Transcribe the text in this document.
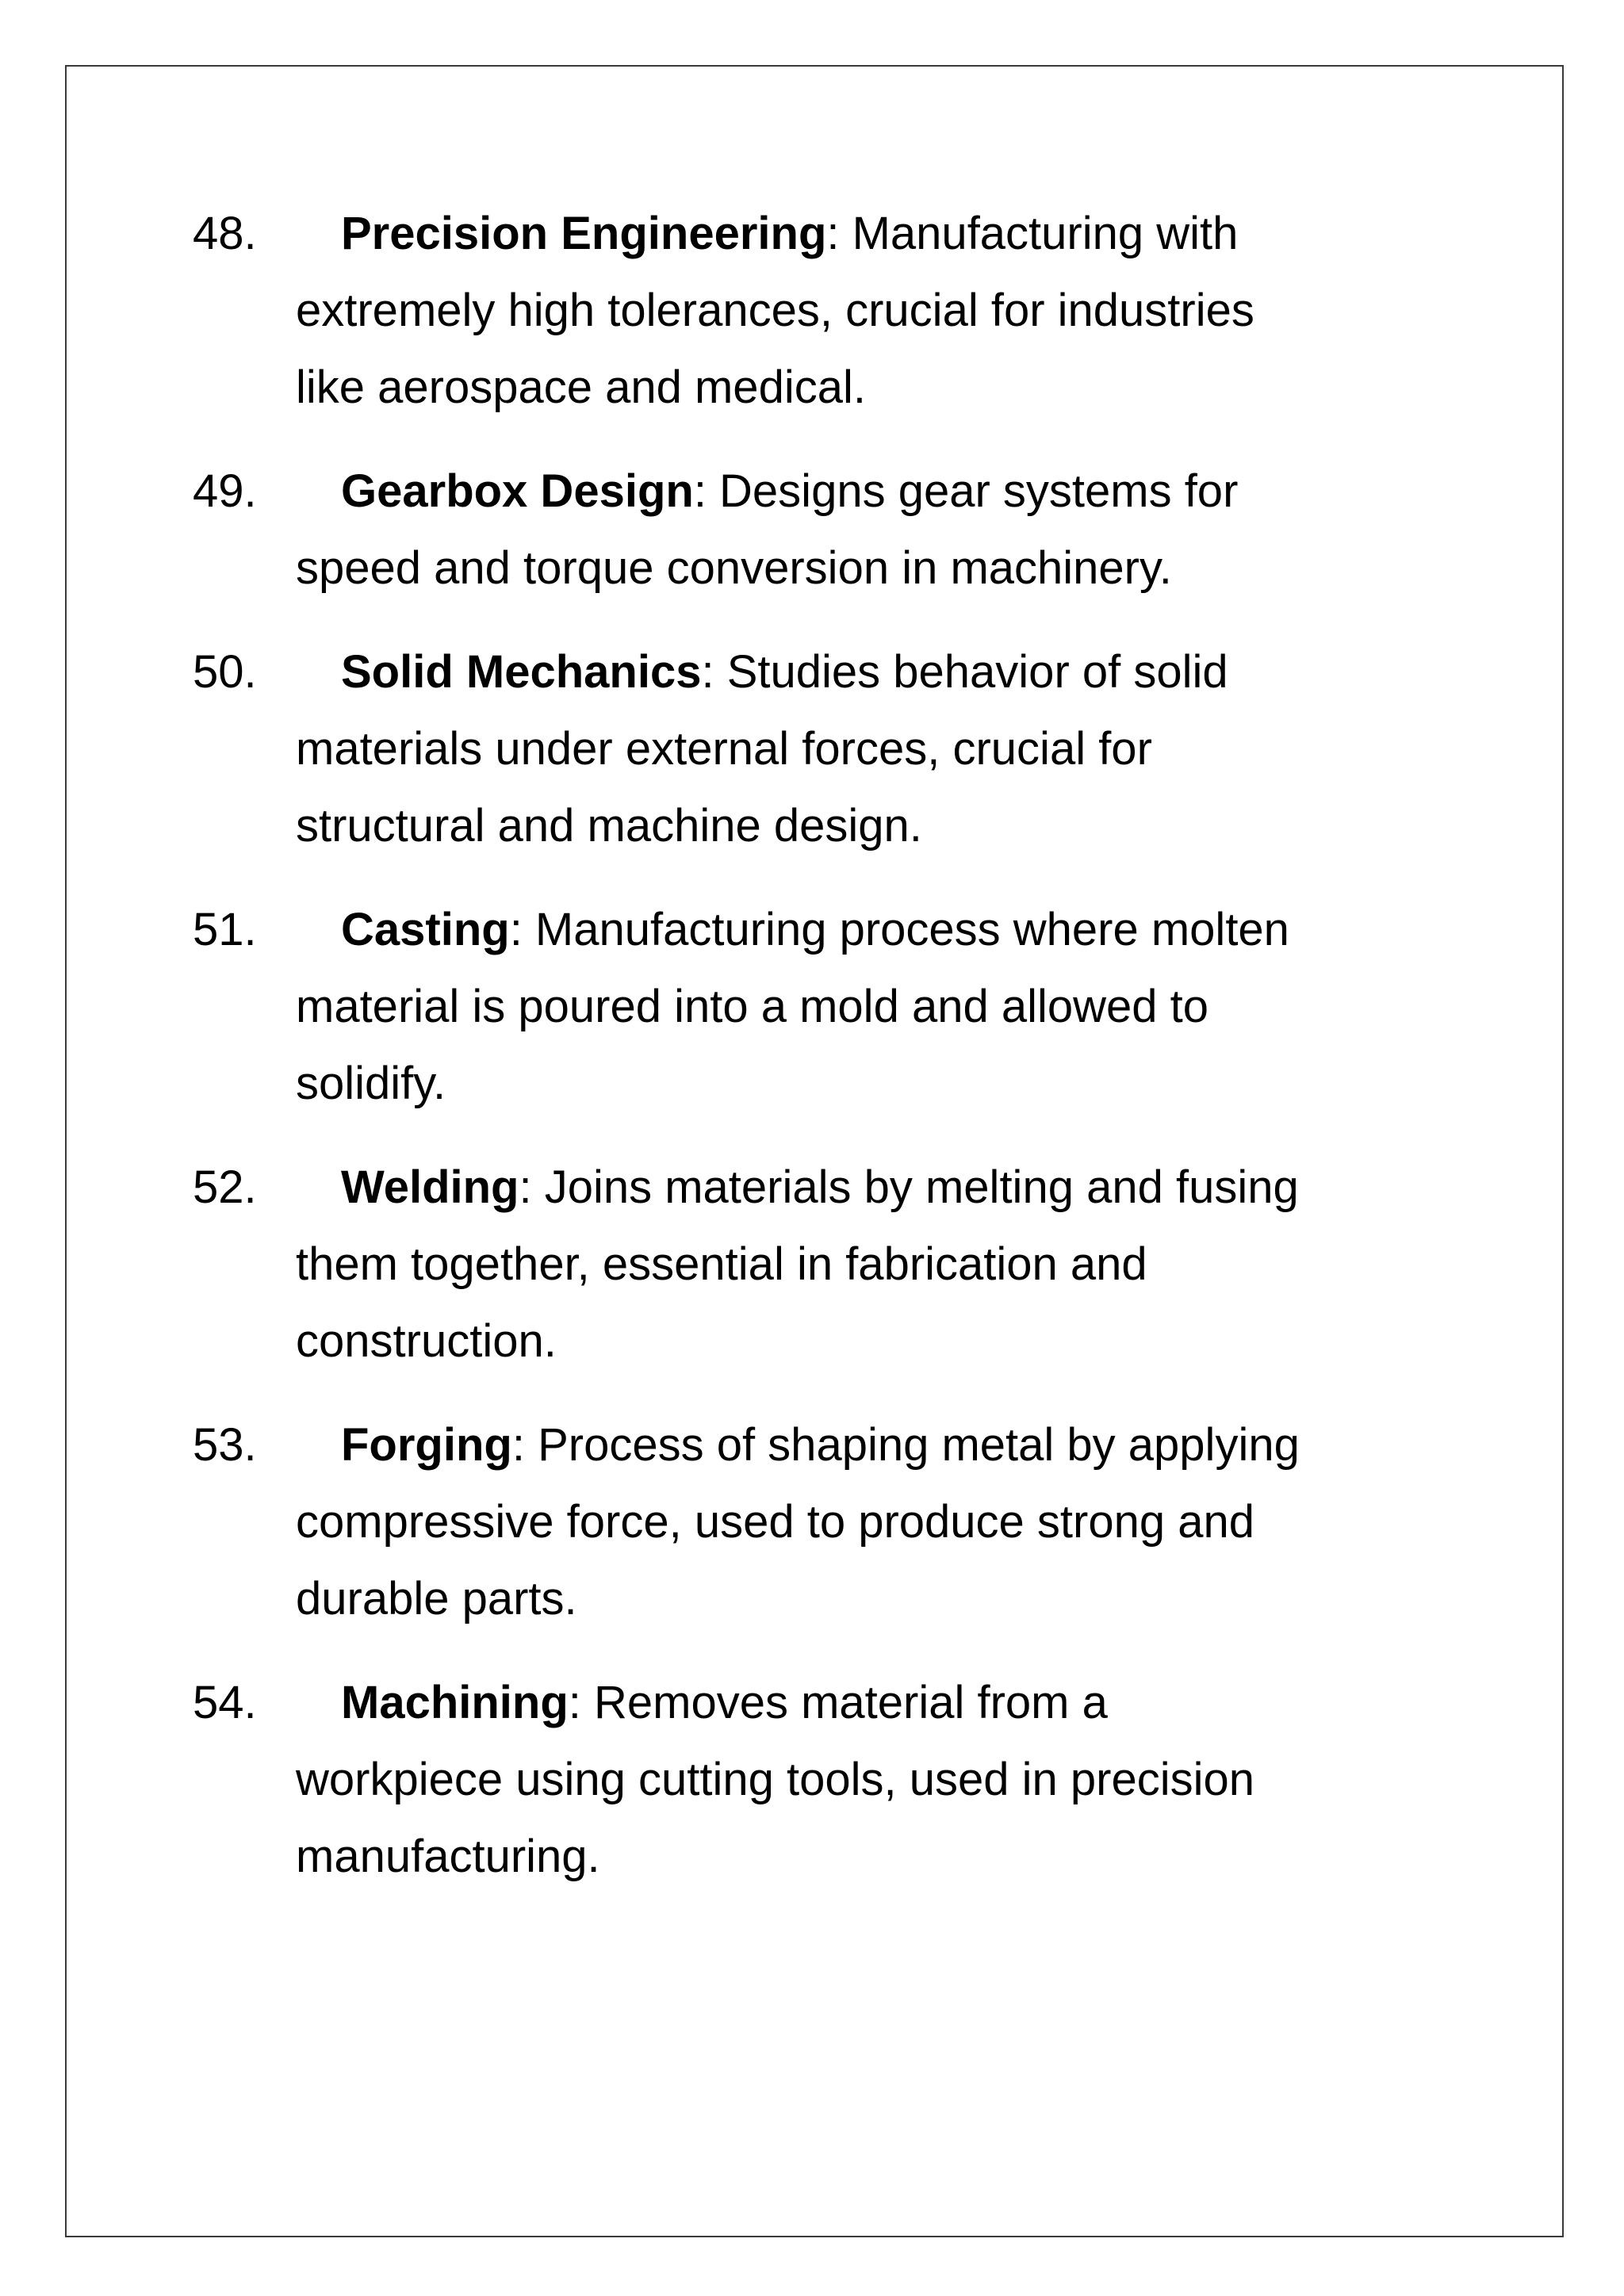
48. Precision Engineering: Manufacturing with
extremely high tolerances, crucial for industries
like aerospace and medical.
49. Gearbox Design: Designs gear systems for
speed and torque conversion in machinery.
50. Solid Mechanics: Studies behavior of solid
materials under external forces, crucial for
structural and machine design.
51. Casting: Manufacturing process where molten
material is poured into a mold and allowed to
solidify.
52. Welding: Joins materials by melting and fusing
them together, essential in fabrication and
construction.
53. Forging: Process of shaping metal by applying
compressive force, used to produce strong and
durable parts.
54. Machining: Removes material from a
workpiece using cutting tools, used in precision
manufacturing.
